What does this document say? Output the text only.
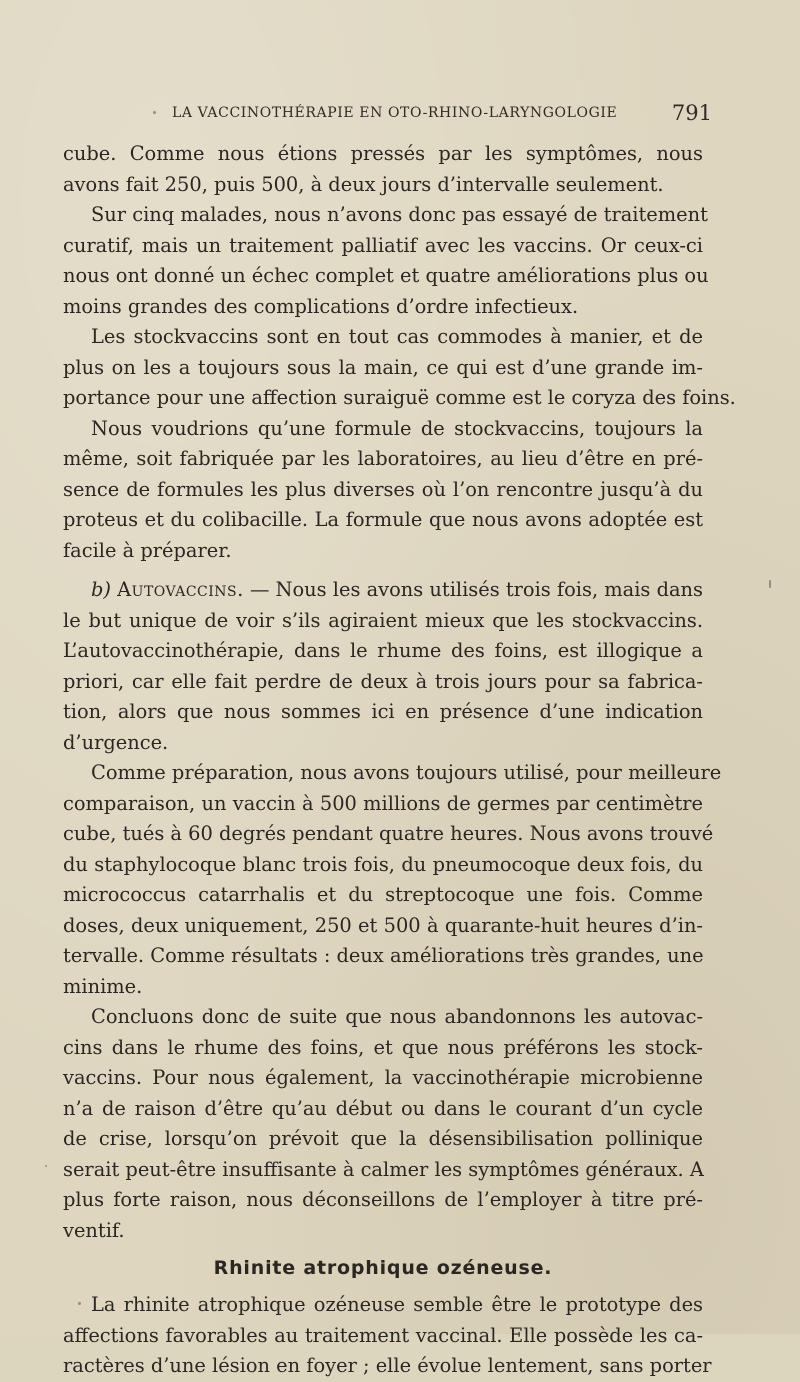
LA VACCINOTHÉRAPIE EN OTO-RHINO-LARYNGOLOGIE	791
cube. Comme nous étions pressés par les symptômes, nous
avons fait 250, puis 500, à deux jours d’intervalle seulement.
Sur cinq malades, nous n’avons donc pas essayé de traitement
curatif, mais un traitement palliatif avec les vaccins. Or ceux-ci
nous ont donné un échec complet et quatre améliorations plus ou
moins grandes des complications d’ordre infectieux.
Les stockvaccins sont en tout cas commodes à manier, et de
plus on les a toujours sous la main, ce qui est d’une grande im-
portance pour une affection suraiguë comme est le coryza des foins.
Nous voudrions qu’une formule de stockvaccins, toujours la
même, soit fabriquée par les laboratoires, au lieu d’être en pré-
sence de formules les plus diverses où l’on rencontre jusqu’à du
proteus et du colibacille. La formule que nous avons adoptée est
facile à préparer.
b) Autovaccins. — Nous les avons utilisés trois fois, mais dans
le but unique de voir s’ils agiraient mieux que les stockvaccins.
L’autovaccinothérapie, dans le rhume des foins, est illogique a
priori, car elle fait perdre de deux à trois jours pour sa fabrica-
tion, alors que nous sommes ici en présence d’une indication
d’urgence.
Comme préparation, nous avons toujours utilisé, pour meilleure
comparaison, un vaccin à 500 millions de germes par centimètre
cube, tués à 60 degrés pendant quatre heures. Nous avons trouvé
du staphylocoque blanc trois fois, du pneumocoque deux fois, du
micrococcus catarrhalis et du streptocoque une fois. Comme
doses, deux uniquement, 250 et 500 à quarante-huit heures d’in-
tervalle. Comme résultats : deux améliorations très grandes, une
minime.
Concluons donc de suite que nous abandonnons les autovac-
cins dans le rhume des foins, et que nous préférons les stock-
vaccins. Pour nous également, la vaccinothérapie microbienne
n’a de raison d’être qu’au début ou dans le courant d’un cycle
de crise, lorsqu’on prévoit que la désensibilisation pollinique
serait peut-être insuffisante à calmer les symptômes généraux. A
plus forte raison, nous déconseillons de l’employer à titre pré-
ventif.
Rhinite atrophique ozéneuse.
La rhinite atrophique ozéneuse semble être le prototype des
affections favorables au traitement vaccinal. Elle possède les ca-
ractères d’une lésion en foyer ; elle évolue lentement, sans porter
